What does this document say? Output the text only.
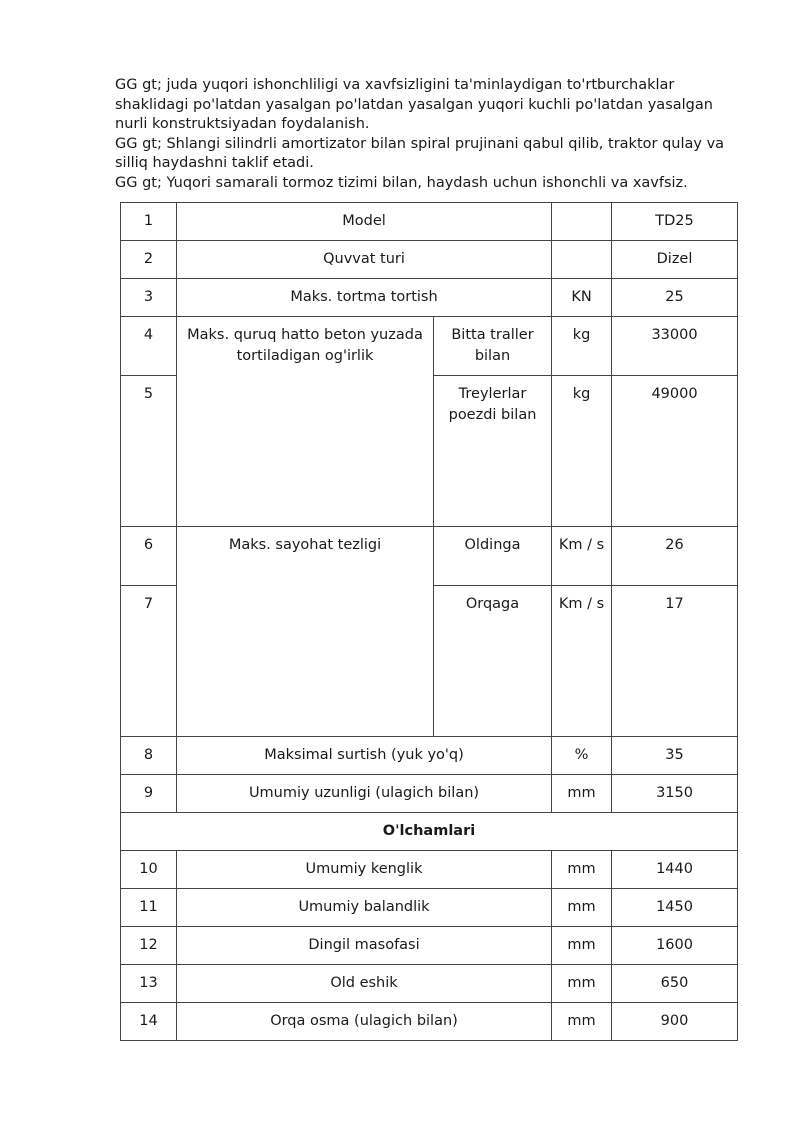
GG gt; juda yuqori ishonchliligi va xavfsizligini ta'minlaydigan to'rtburchaklar shaklidagi po'latdan yasalgan po'latdan yasalgan yuqori kuchli po'latdan yasalgan nurli konstruktsiyadan foydalanish.

GG gt; Shlangi silindrli amortizator bilan spiral prujinani qabul qilib, traktor qulay va silliq haydashni taklif etadi.

GG gt; Yuqori samarali tormoz tizimi bilan, haydash uchun ishonchli va xavfsiz.

1	Model			TD25
2	Quvvat turi			Dizel
3	Maks. tortma tortish		KN	25
4	Maks. quruq hatto beton yuzada tortiladigan og'irlik	Bitta traller bilan	kg	33000
5		Treylerlar poezdi bilan	kg	49000
6	Maks. sayohat tezligi	Oldinga	Km / s	26
7		Orqaga	Km / s	17
8	Maksimal surtish (yuk yo'q)		%	35
9	Umumiy uzunligi (ulagich bilan)		mm	3150
O'lchamlari				
10	Umumiy kenglik		mm	1440
11	Umumiy balandlik		mm	1450
12	Dingil masofasi		mm	1600
13	Old eshik		mm	650
14	Orqa osma (ulagich bilan)		mm	900
